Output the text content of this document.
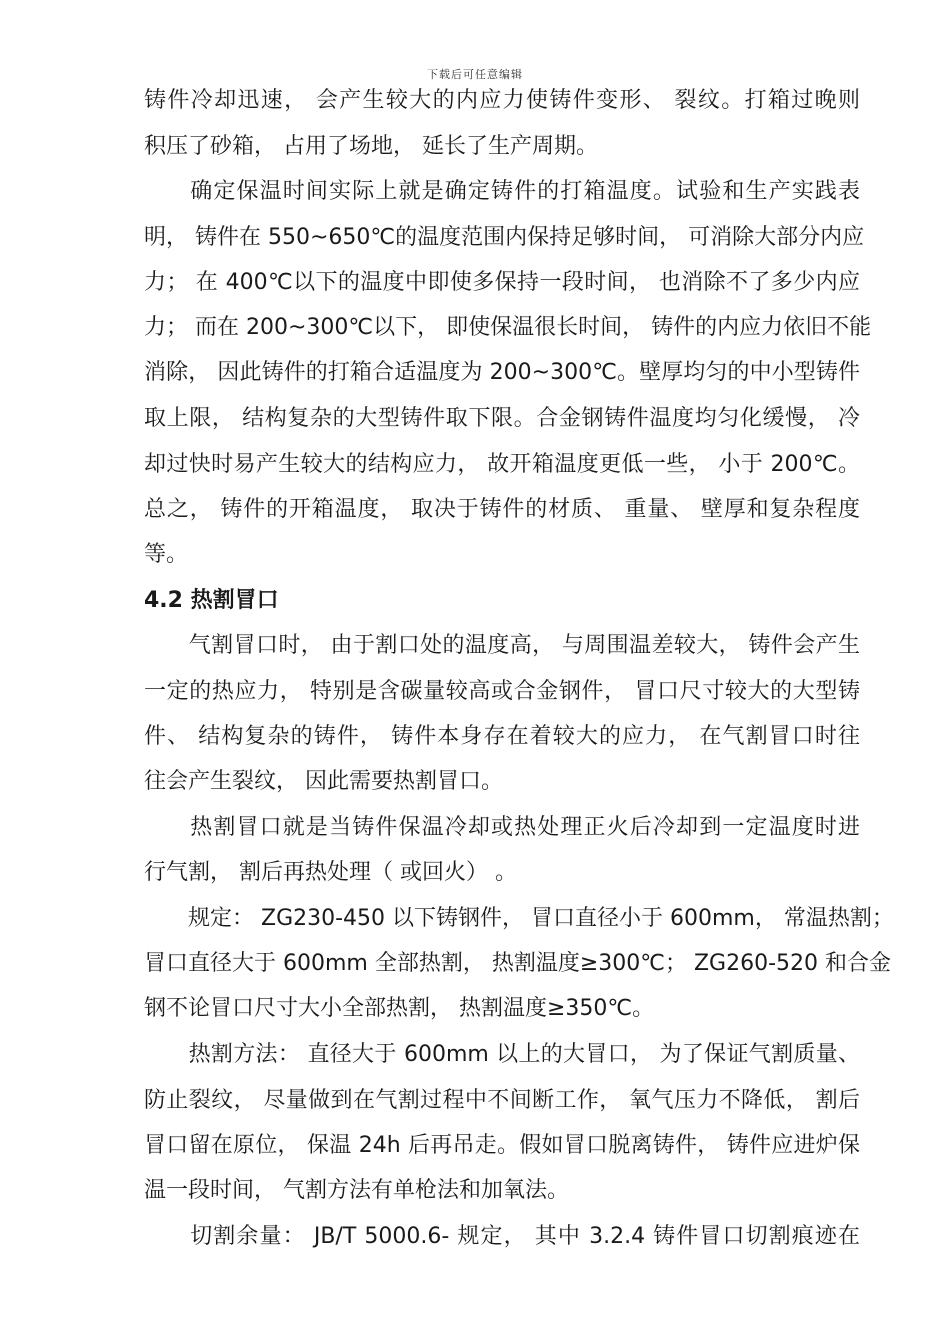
下载后可任意编辑
铸件冷却迅速， 会产生较大的内应力使铸件变形、 裂纹。打箱过晚则
积压了砂箱， 占用了场地， 延长了生产周期。
　　确定保温时间实际上就是确定铸件的打箱温度。试验和生产实践表
明， 铸件在 550~650℃的温度范围内保持足够时间， 可消除大部分内应
力； 在 400℃以下的温度中即使多保持一段时间， 也消除不了多少内应
力； 而在 200~300℃以下， 即使保温很长时间， 铸件的内应力依旧不能
消除， 因此铸件的打箱合适温度为 200~300℃。壁厚均匀的中小型铸件
取上限， 结构复杂的大型铸件取下限。合金钢铸件温度均匀化缓慢， 冷
却过快时易产生较大的结构应力， 故开箱温度更低一些， 小于 200℃。
总之， 铸件的开箱温度， 取决于铸件的材质、 重量、 壁厚和复杂程度
等。
4.2 热割冒口
　　气割冒口时， 由于割口处的温度高， 与周围温差较大， 铸件会产生
一定的热应力， 特别是含碳量较高或合金钢件， 冒口尺寸较大的大型铸
件、 结构复杂的铸件， 铸件本身存在着较大的应力， 在气割冒口时往
往会产生裂纹， 因此需要热割冒口。
　　热割冒口就是当铸件保温冷却或热处理正火后冷却到一定温度时进
行气割， 割后再热处理（ 或回火） 。
　　规定： ZG230-450 以下铸钢件， 冒口直径小于 600mm， 常温热割；
冒口直径大于 600mm 全部热割， 热割温度≥300℃； ZG260-520 和合金
钢不论冒口尺寸大小全部热割， 热割温度≥350℃。
　　热割方法： 直径大于 600mm 以上的大冒口， 为了保证气割质量、
防止裂纹， 尽量做到在气割过程中不间断工作， 氧气压力不降低， 割后
冒口留在原位， 保温 24h 后再吊走。假如冒口脱离铸件， 铸件应进炉保
温一段时间， 气割方法有单枪法和加氧法。
　　切割余量： JB/T 5000.6- 规定， 其中 3.2.4 铸件冒口切割痕迹在
